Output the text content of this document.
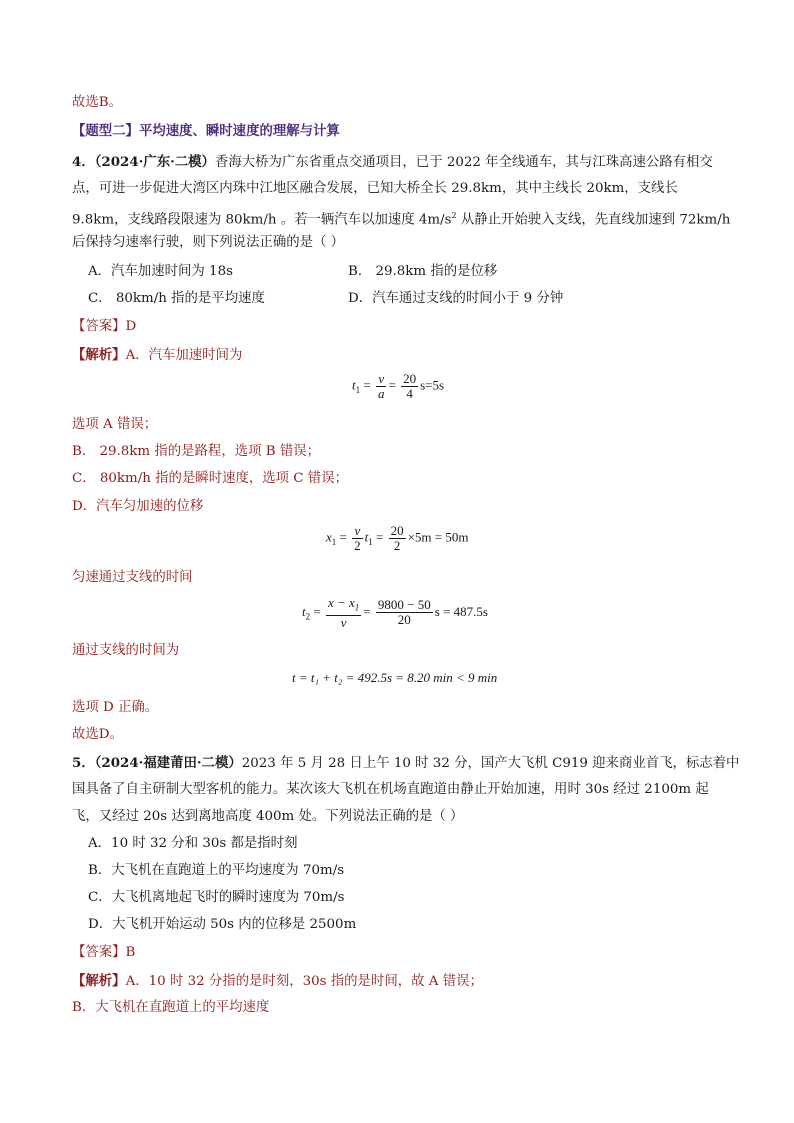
故选B。
【题型二】平均速度、瞬时速度的理解与计算
4．（2024·广东·二模）香海大桥为广东省重点交通项目，已于 2022 年全线通车，其与江珠高速公路有相交
点，可进一步促进大湾区内珠中江地区融合发展，已知大桥全长 29.8km，其中主线长 20km，支线长
9.8km，支线路段限速为 80km/h 。若一辆汽车以加速度 $4m/s^2$ 从静止开始驶入支线，先直线加速到 72km/h
后保持匀速率行驶，则下列说法正确的是（ ）
A．汽车加速时间为 18s	B． 29.8km 指的是位移
C． 80km/h 指的是平均速度	D．汽车通过支线的时间小于 9 分钟
【答案】D
【解析】A．汽车加速时间为
$t_1 = \frac{v}{a} = \frac{20}{4} s=5s$
选项 A 错误；
B． 29.8km 指的是路程，选项 B 错误；
C． 80km/h 指的是瞬时速度，选项 C 错误；
D．汽车匀加速的位移
$x_1 = \frac{v}{2} t_1 = \frac{20}{2} \times 5m = 50m$
匀速通过支线的时间
$t_2 = \frac{x - x_1}{v} = \frac{9800 - 50}{20}$ s = 487.5s
通过支线的时间为
t = t₁ + t₂ = 492.5s = 8.20 min < 9 min
选项 D 正确。
故选D。
5．（2024·福建莆田·二模）2023 年 5 月 28 日上午 10 时 32 分，国产大飞机 C919 迎来商业首飞，标志着中
国具备了自主研制大型客机的能力。某次该大飞机在机场直跑道由静止开始加速，用时 30s 经过 2100m 起
飞，又经过 20s 达到离地高度 400m 处。下列说法正确的是（ ）
A．10 时 32 分和 30s 都是指时刻
B．大飞机在直跑道上的平均速度为 70m/s
C．大飞机离地起飞时的瞬时速度为 70m/s
D．大飞机开始运动 50s 内的位移是 2500m
【答案】B
【解析】A．10 时 32 分指的是时刻，30s 指的是时间，故 A 错误；
B．大飞机在直跑道上的平均速度
